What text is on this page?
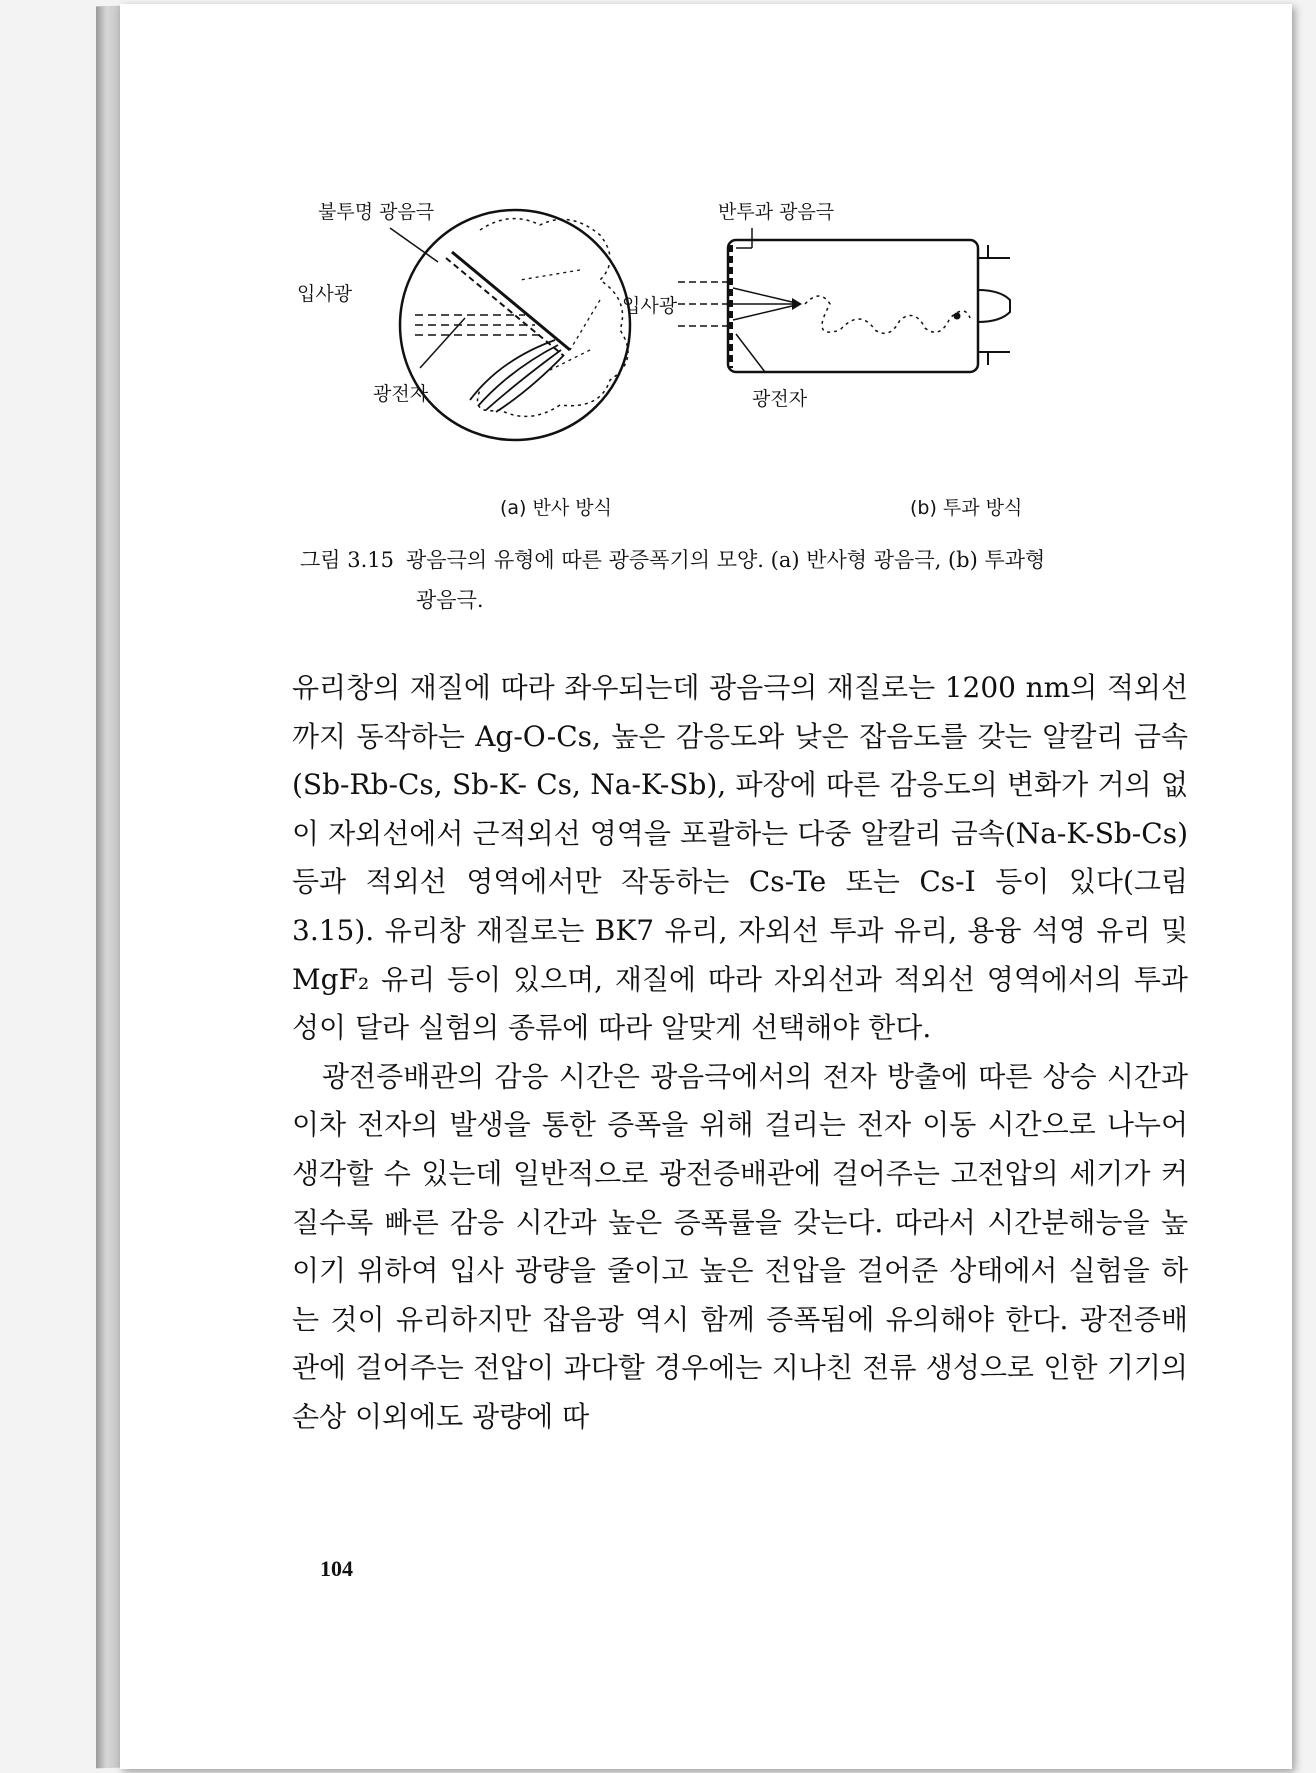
불투명 광음극
입사광
광전자
반투과 광음극
입사광
광전자
(a) 반사 방식	(b) 투과 방식
그림 3.15 광음극의 유형에 따른 광증폭기의 모양. (a) 반사형 광음극, (b) 투과형
광음극.

유리창의 재질에 따라 좌우되는데 광음극의 재질로는 1200 nm의 적외선까지 동작하는 Ag-O-Cs, 높은 감응도와 낮은 잡음도를 갖는 알칼리 금속(Sb-Rb-Cs, Sb-K- Cs, Na-K-Sb), 파장에 따른 감응도의 변화가 거의 없이 자외선에서 근적외선 영역을 포괄하는 다중 알칼리 금속(Na-K-Sb-Cs) 등과 적외선 영역에서만 작동하는 Cs-Te 또는 Cs-I 등이 있다(그림 3.15). 유리창 재질로는 BK7 유리, 자외선 투과 유리, 용융 석영 유리 및 MgF₂ 유리 등이 있으며, 재질에 따라 자외선과 적외선 영역에서의 투과성이 달라 실험의 종류에 따라 알맞게 선택해야 한다.

광전증배관의 감응 시간은 광음극에서의 전자 방출에 따른 상승 시간과 이차 전자의 발생을 통한 증폭을 위해 걸리는 전자 이동 시간으로 나누어 생각할 수 있는데 일반적으로 광전증배관에 걸어주는 고전압의 세기가 커질수록 빠른 감응 시간과 높은 증폭률을 갖는다. 따라서 시간분해능을 높이기 위하여 입사 광량을 줄이고 높은 전압을 걸어준 상태에서 실험을 하는 것이 유리하지만 잡음광 역시 함께 증폭됨에 유의해야 한다. 광전증배관에 걸어주는 전압이 과다할 경우에는 지나친 전류 생성으로 인한 기기의 손상 이외에도 광량에 따

104
